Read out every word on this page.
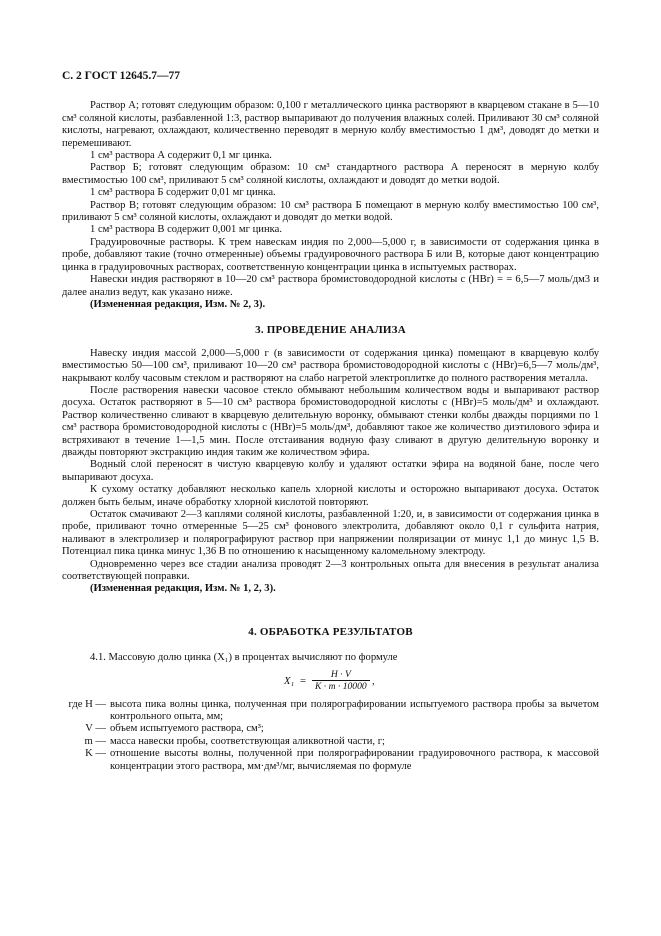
С. 2 ГОСТ 12645.7—77

Раствор А; готовят следующим образом: 0,100 г металлического цинка растворяют в кварцевом стакане в 5—10 см³ соляной кислоты, разбавленной 1:3, раствор выпаривают до получения влажных солей. Приливают 30 см³ соляной кислоты, нагревают, охлаждают, количественно переводят в мерную колбу вместимостью 1 дм³, доводят до метки и перемешивают.

1 см³ раствора А содержит 0,1 мг цинка.

Раствор Б; готовят следующим образом: 10 см³ стандартного раствора А переносят в мерную колбу вместимостью 100 см³, приливают 5 см³ соляной кислоты, охлаждают и доводят до метки водой.

1 см³ раствора Б содержит 0,01 мг цинка.

Раствор В; готовят следующим образом: 10 см³ раствора Б помещают в мерную колбу вместимостью 100 см³, приливают 5 см³ соляной кислоты, охлаждают и доводят до метки водой.

1 см³ раствора В содержит 0,001 мг цинка.

Градуировочные растворы. К трем навескам индия по 2,000—5,000 г, в зависимости от содержания цинка в пробе, добавляют такие (точно отмеренные) объемы градуировочного раствора Б или В, которые дают концентрацию цинка в градуировочных растворах, соответственную концентрации цинка в испытуемых растворах.

Навески индия растворяют в 10—20 см³ раствора бромистоводородной кислоты с (HBr) = = 6,5—7 моль/дм3 и далее анализ ведут, как указано ниже.

(Измененная редакция, Изм. № 2, 3).

3. ПРОВЕДЕНИЕ АНАЛИЗА

Навеску индия массой 2,000—5,000 г (в зависимости от содержания цинка) помещают в кварцевую колбу вместимостью 50—100 см³, приливают 10—20 см³ раствора бромистоводородной кислоты с (HBr)=6,5—7 моль/дм³, накрывают колбу часовым стеклом и растворяют на слабо нагретой электроплитке до полного растворения металла.

После растворения навески часовое стекло обмывают небольшим количеством воды и выпаривают раствор досуха. Остаток растворяют в 5—10 см³ раствора бромистоводородной кислоты с (HBr)=5 моль/дм³ и охлаждают. Раствор количественно сливают в кварцевую делительную воронку, обмывают стенки колбы дважды порциями по 1 см³ раствора бромистоводородной кислоты с (HBr)=5 моль/дм³, добавляют такое же количество диэтилового эфира и встряхивают в течение 1—1,5 мин. После отстаивания водную фазу сливают в другую делительную воронку и дважды повторяют экстракцию индия таким же количеством эфира.

Водный слой переносят в чистую кварцевую колбу и удаляют остатки эфира на водяной бане, после чего выпаривают досуха.

К сухому остатку добавляют несколько капель хлорной кислоты и осторожно выпаривают досуха. Остаток должен быть белым, иначе обработку хлорной кислотой повторяют.

Остаток смачивают 2—3 каплями соляной кислоты, разбавленной 1:20, и, в зависимости от содержания цинка в пробе, приливают точно отмеренные 5—25 см³ фонового электролита, добавляют около 0,1 г сульфита натрия, наливают в электролизер и полярографируют раствор при напряжении поляризации от минус 1,1 до минус 1,5 В. Потенциал пика цинка минус 1,36 В по отношению к насыщенному каломельному электроду.

Одновременно через все стадии анализа проводят 2—3 контрольных опыта для внесения в результат анализа соответствующей поправки.

(Измененная редакция, Изм. № 1, 2, 3).

4. ОБРАБОТКА РЕЗУЛЬТАТОВ

4.1. Массовую долю цинка (X₁) в процентах вычисляют по формуле

$X_1 = \frac{H \cdot V}{K \cdot m \cdot 10000}$ ,
где H — высота пика волны цинка, полученная при полярографировании испытуемого раствора пробы за вычетом контрольного опыта, мм;
V — объем испытуемого раствора, см³;
m — масса навески пробы, соответствующая аликвотной части, г;
K — отношение высоты волны, полученной при полярографировании градуировочного раствора, к массовой концентрации этого раствора, мм·дм³/мг, вычисляемая по формуле
